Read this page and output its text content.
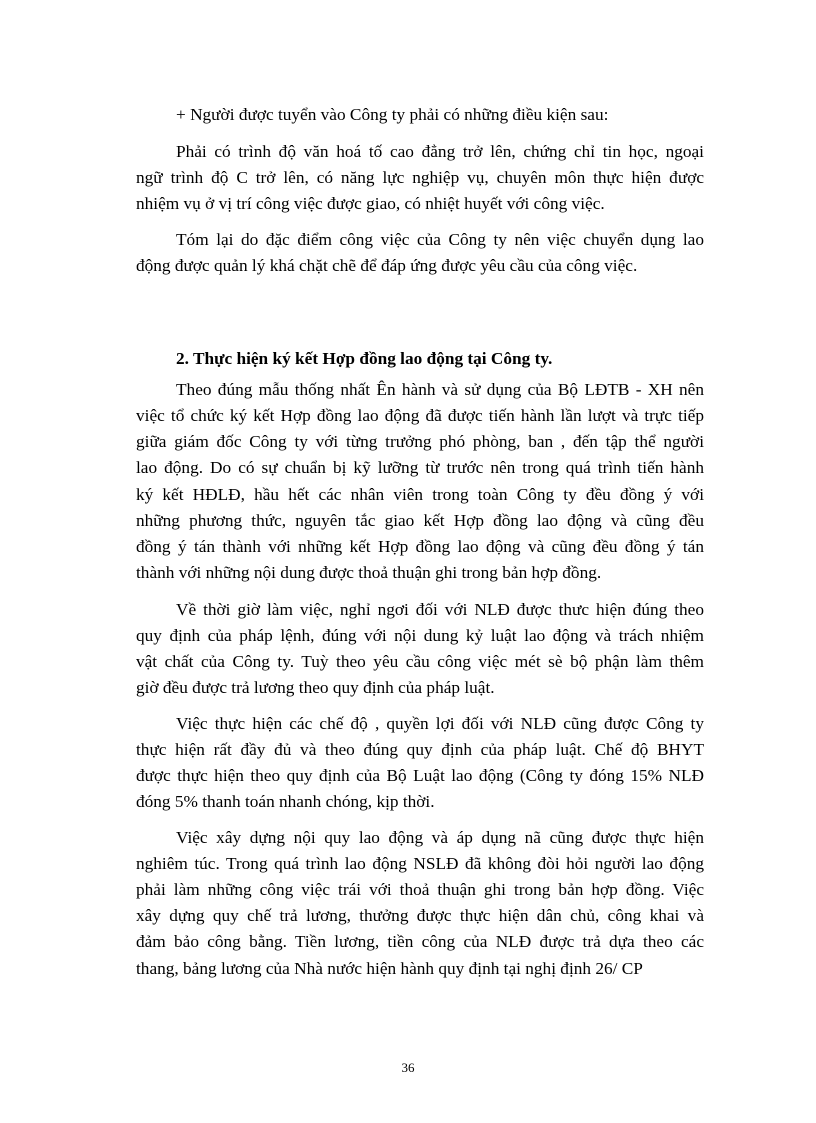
+ Người được tuyển vào Công ty phải có những điều kiện sau:
Phải có trình độ văn hoá tố cao đẳng trở lên, chứng chỉ tin học, ngoại
ngữ trình độ C trở lên, có năng lực nghiệp vụ, chuyên môn thực hiện được
nhiệm vụ ở vị trí công việc được giao, có nhiệt huyết với công việc.
Tóm lại do đặc điểm công việc của Công ty nên việc chuyển dụng lao
động được quản lý khá chặt chẽ để đáp ứng được yêu cầu của công việc.
2. Thực hiện ký kết Hợp đồng lao động tại Công ty.
Theo đúng mẫu thống nhất Ên hành và sử dụng của Bộ LĐTB - XH nên
việc tổ chức ký kết Hợp đồng lao động đã được tiến hành lần lượt và trực tiếp
giữa giám đốc Công ty với từng trưởng phó phòng, ban , đến tập thể người
lao động. Do có sự chuẩn bị kỹ lưỡng từ trước nên trong quá trình tiến hành
ký kết HĐLĐ, hầu hết các nhân viên trong toàn Công ty đều đồng ý với
những phương thức, nguyên tắc giao kết Hợp đồng lao động và cũng đều
đồng ý tán thành với những kết Hợp đồng lao động và cũng đều đồng ý tán
thành với những nội dung được thoả thuận ghi trong bản hợp đồng.
Về thời giờ làm việc, nghỉ ngơi đối với NLĐ được thưc hiện đúng theo
quy định của pháp lệnh, đúng với nội dung kỷ luật lao động và trách nhiệm
vật chất của Công ty. Tuỳ theo yêu cầu công việc mét sè bộ phận làm thêm
giờ đều được trả lương theo quy định của pháp luật.
Việc thực hiện các chế độ , quyền lợi đối với NLĐ cũng được Công ty
thực hiện rất đầy đủ và theo đúng quy định của pháp luật. Chế độ BHYT
được thực hiện theo quy định của Bộ Luật lao động (Công ty đóng 15% NLĐ
đóng 5% thanh toán nhanh chóng, kịp thời.
Việc xây dựng nội quy lao động và áp dụng nã cũng được thực hiện
nghiêm túc. Trong quá trình lao động NSLĐ đã không đòi hỏi người lao động
phải làm những công việc trái với thoả thuận ghi trong bản hợp đồng. Việc
xây dựng quy chế trả lương, thưởng được thực hiện dân chủ, công khai và
đảm bảo công bằng. Tiền lương, tiền công của NLĐ được trả dựa theo các
thang, bảng lương của Nhà nước hiện hành quy định tại nghị định 26/ CP
36
